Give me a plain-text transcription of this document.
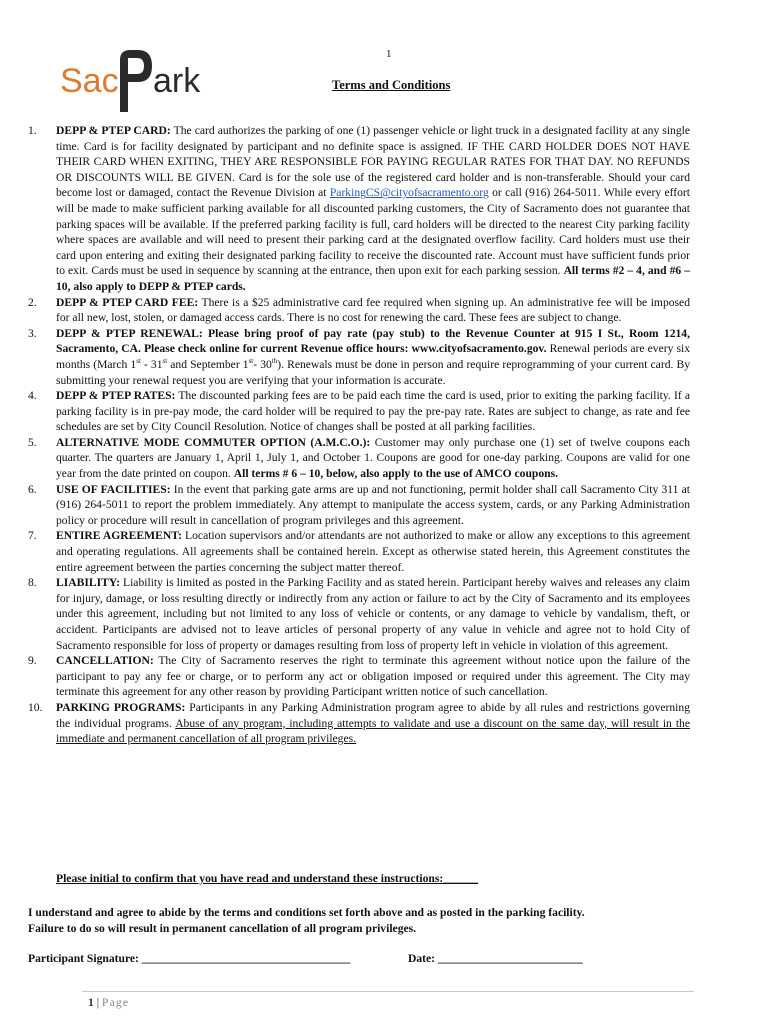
1
Sac ark	Terms and Conditions
1. DEPP & PTEP CARD: The card authorizes the parking of one (1) passenger vehicle or light truck in a designated facility at any single time. Card is for facility designated by participant and no definite space is assigned. IF THE CARD HOLDER DOES NOT HAVE THEIR CARD WHEN EXITING, THEY ARE RESPONSIBLE FOR PAYING REGULAR RATES FOR THAT DAY. NO REFUNDS OR DISCOUNTS WILL BE GIVEN. Card is for the sole use of the registered card holder and is non-transferable. Should your card become lost or damaged, contact the Revenue Division at ParkingCS@cityofsacramento.org or call (916) 264-5011. While every effort will be made to make sufficient parking available for all discounted parking customers, the City of Sacramento does not guarantee that parking spaces will be available. If the preferred parking facility is full, card holders will be directed to the nearest City parking facility where spaces are available and will need to present their parking card at the designated overflow facility. Card holders must use their card upon entering and exiting their designated parking facility to receive the discounted rate. Account must have sufficient funds prior to exit. Cards must be used in sequence by scanning at the entrance, then upon exit for each parking session. All terms #2 – 4, and #6 – 10, also apply to DEPP & PTEP cards.
2. DEPP & PTEP CARD FEE: There is a $25 administrative card fee required when signing up. An administrative fee will be imposed for all new, lost, stolen, or damaged access cards. There is no cost for renewing the card. These fees are subject to change.
3. DEPP & PTEP RENEWAL: Please bring proof of pay rate (pay stub) to the Revenue Counter at 915 I St., Room 1214, Sacramento, CA. Please check online for current Revenue office hours: www.cityofsacramento.gov. Renewal periods are every six months (March 1st - 31st and September 1st- 30th). Renewals must be done in person and require reprogramming of your current card. By submitting your renewal request you are verifying that your information is accurate.
4. DEPP & PTEP RATES: The discounted parking fees are to be paid each time the card is used, prior to exiting the parking facility. If a parking facility is in pre-pay mode, the card holder will be required to pay the pre-pay rate. Rates are subject to change, as rate and fee schedules are set by City Council Resolution. Notice of changes shall be posted at all parking facilities.
5. ALTERNATIVE MODE COMMUTER OPTION (A.M.C.O.): Customer may only purchase one (1) set of twelve coupons each quarter. The quarters are January 1, April 1, July 1, and October 1. Coupons are good for one-day parking. Coupons are valid for one year from the date printed on coupon. All terms # 6 – 10, below, also apply to the use of AMCO coupons.
6. USE OF FACILITIES: In the event that parking gate arms are up and not functioning, permit holder shall call Sacramento City 311 at (916) 264-5011 to report the problem immediately. Any attempt to manipulate the access system, cards, or any Parking Administration policy or procedure will result in cancellation of program privileges and this agreement.
7. ENTIRE AGREEMENT: Location supervisors and/or attendants are not authorized to make or allow any exceptions to this agreement and operating regulations. All agreements shall be contained herein. Except as otherwise stated herein, this Agreement constitutes the entire agreement between the parties concerning the subject matter thereof.
8. LIABILITY: Liability is limited as posted in the Parking Facility and as stated herein. Participant hereby waives and releases any claim for injury, damage, or loss resulting directly or indirectly from any action or failure to act by the City of Sacramento and its employees under this agreement, including but not limited to any loss of vehicle or contents, or any damage to vehicle by vandalism, theft, or accident. Participants are advised not to leave articles of personal property of any value in vehicle and agree not to hold City of Sacramento responsible for loss of property or damages resulting from loss of property left in vehicle in violation of this agreement.
9. CANCELLATION: The City of Sacramento reserves the right to terminate this agreement without notice upon the failure of the participant to pay any fee or charge, or to perform any act or obligation imposed or required under this agreement. The City may terminate this agreement for any other reason by providing Participant written notice of such cancellation.
10. PARKING PROGRAMS: Participants in any Parking Administration program agree to abide by all rules and restrictions governing the individual programs. Abuse of any program, including attempts to validate and use a discount on the same day, will result in the immediate and permanent cancellation of all program privileges.
Please initial to confirm that you have read and understand these instructions:______
I understand and agree to abide by the terms and conditions set forth above and as posted in the parking facility.
Failure to do so will result in permanent cancellation of all program privileges.
Participant Signature: ____________________________________	Date: _________________________
1 | Page
